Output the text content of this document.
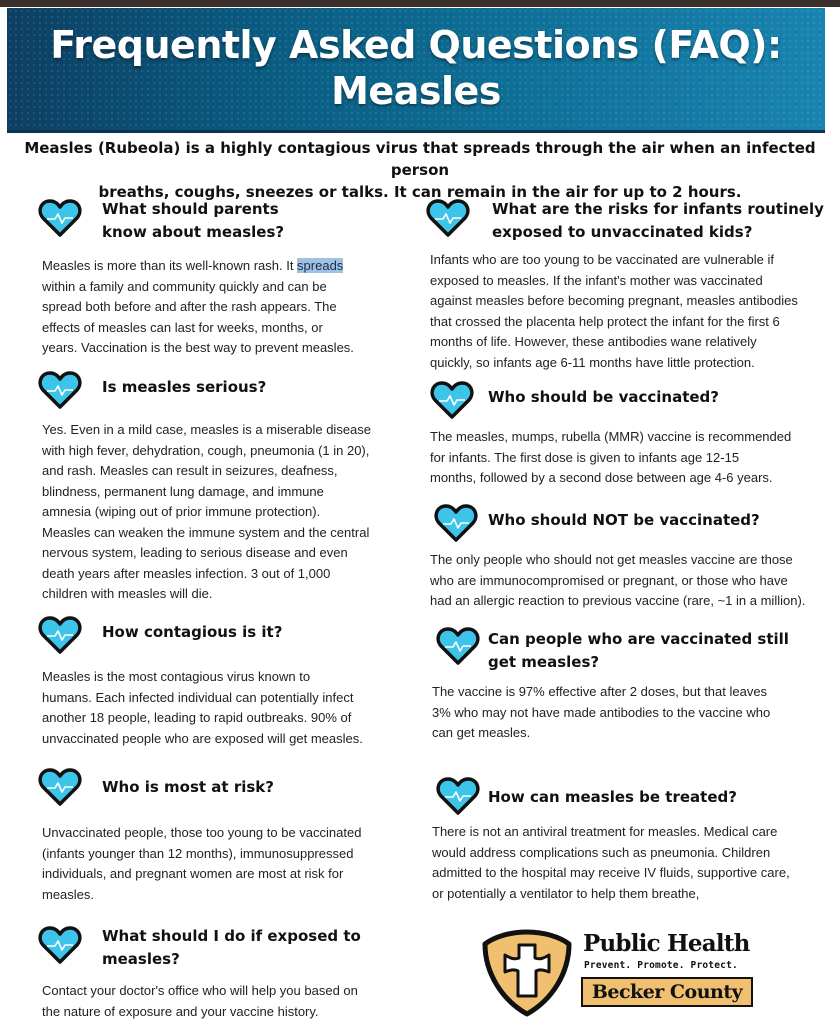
Frequently Asked Questions (FAQ):
Measles
Measles (Rubeola) is a highly contagious virus that spreads through the air when an infected person
breaths, coughs, sneezes or talks. It can remain in the air for up to 2 hours.
What should parents
know about measles?
Measles is more than its well-known rash. It spreads
within a family and community quickly and can be
spread both before and after the rash appears. The
effects of measles can last for weeks, months, or
years. Vaccination is the best way to prevent measles.
Is measles serious?
Yes. Even in a mild case, measles is a miserable disease
with high fever, dehydration, cough, pneumonia (1 in 20),
and rash. Measles can result in seizures, deafness,
blindness, permanent lung damage, and immune
amnesia (wiping out of prior immune protection).
Measles can weaken the immune system and the central
nervous system, leading to serious disease and even
death years after measles infection. 3 out of 1,000
children with measles will die.
How contagious is it?
Measles is the most contagious virus known to
humans. Each infected individual can potentially infect
another 18 people, leading to rapid outbreaks. 90% of
unvaccinated people who are exposed will get measles.
Who is most at risk?
Unvaccinated people, those too young to be vaccinated
(infants younger than 12 months), immunosuppressed
individuals, and pregnant women are most at risk for
measles.
What should I do if exposed to
measles?
Contact your doctor's office who will help you based on
the nature of exposure and your vaccine history.
What are the risks for infants routinely
exposed to unvaccinated kids?
Infants who are too young to be vaccinated are vulnerable if
exposed to measles. If the infant's mother was vaccinated
against measles before becoming pregnant, measles antibodies
that crossed the placenta help protect the infant for the first 6
months of life. However, these antibodies wane relatively
quickly, so infants age 6-11 months have little protection.
Who should be vaccinated?
The measles, mumps, rubella (MMR) vaccine is recommended
for infants. The first dose is given to infants age 12-15
months, followed by a second dose between age 4-6 years.
Who should NOT be vaccinated?
The only people who should not get measles vaccine are those
who are immunocompromised or pregnant, or those who have
had an allergic reaction to previous vaccine (rare, ~1 in a million).
Can people who are vaccinated still
get measles?
The vaccine is 97% effective after 2 doses, but that leaves
3% who may not have made antibodies to the vaccine who
can get measles.
How can measles be treated?
There is not an antiviral treatment for measles. Medical care
would address complications such as pneumonia. Children
admitted to the hospital may receive IV fluids, supportive care,
or potentially a ventilator to help them breathe,
Public Health
Prevent. Promote. Protect.
Becker County
